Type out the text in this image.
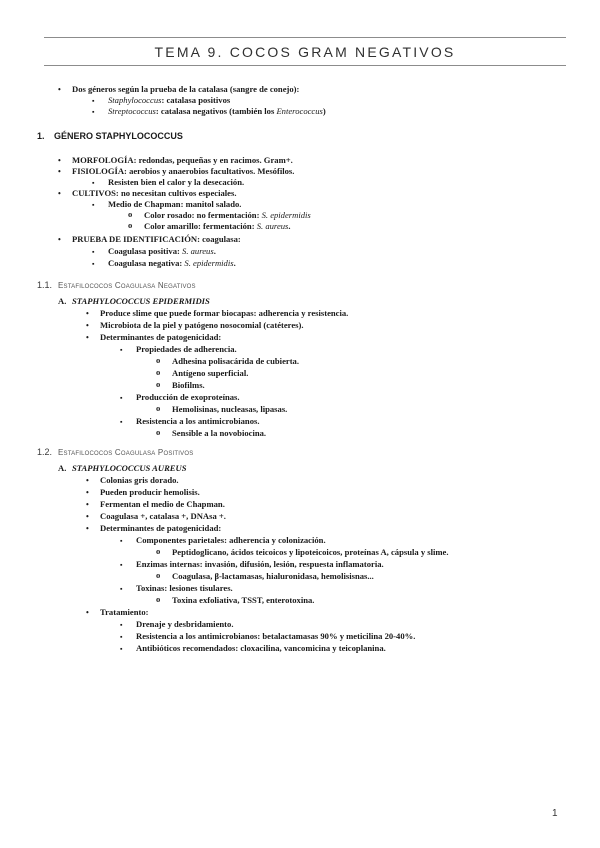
TEMA 9. COCOS GRAM NEGATIVOS
• Dos géneros según la prueba de la catalasa (sangre de conejo):
▪ Staphylococcus: catalasa positivos
▪ Streptococcus: catalasa negativos (también los Enterococcus)
1. GÉNERO STAPHYLOCOCCUS
• MORFOLOGÍA: redondas, pequeñas y en racimos. Gram+.
• FISIOLOGÍA: aerobios y anaerobios facultativos. Mesófilos.
▪ Resisten bien el calor y la desecación.
• CULTIVOS: no necesitan cultivos especiales.
▪ Medio de Chapman: manitol salado.
o Color rosado: no fermentación: S. epidermidis
o Color amarillo: fermentación: S. aureus.
• PRUEBA DE IDENTIFICACIÓN: coagulasa:
▪ Coagulasa positiva: S. aureus.
▪ Coagulasa negativa: S. epidermidis.
1.1. Estafilococos Coagulasa Negativos
A. STAPHYLOCOCCUS EPIDERMIDIS
• Produce slime que puede formar biocapas: adherencia y resistencia.
• Microbiota de la piel y patógeno nosocomial (catéteres).
• Determinantes de patogenicidad:
▪ Propiedades de adherencia.
o Adhesina polisacárida de cubierta.
o Antígeno superficial.
o Biofilms.
▪ Producción de exoproteínas.
o Hemolisinas, nucleasas, lipasas.
▪ Resistencia a los antimicrobianos.
o Sensible a la novobiocina.
1.2. Estafilococos Coagulasa Positivos
A. STAPHYLOCOCCUS AUREUS
• Colonias gris dorado.
• Pueden producir hemolisis.
• Fermentan el medio de Chapman.
• Coagulasa +, catalasa +, DNAsa +.
• Determinantes de patogenicidad:
▪ Componentes parietales: adherencia y colonización.
o Peptidoglicano, ácidos teicoicos y lipoteicoicos, proteínas A, cápsula y slime.
▪ Enzimas internas: invasión, difusión, lesión, respuesta inflamatoria.
o Coagulasa, β-lactamasas, hialuronidasa, hemolisisnas...
▪ Toxinas: lesiones tisulares.
o Toxina exfoliativa, TSST, enterotoxina.
• Tratamiento:
▪ Drenaje y desbridamiento.
▪ Resistencia a los antimicrobianos: betalactamasas 90% y meticilina 20-40%.
▪ Antibióticos recomendados: cloxacilina, vancomicina y teicoplanina.
1
